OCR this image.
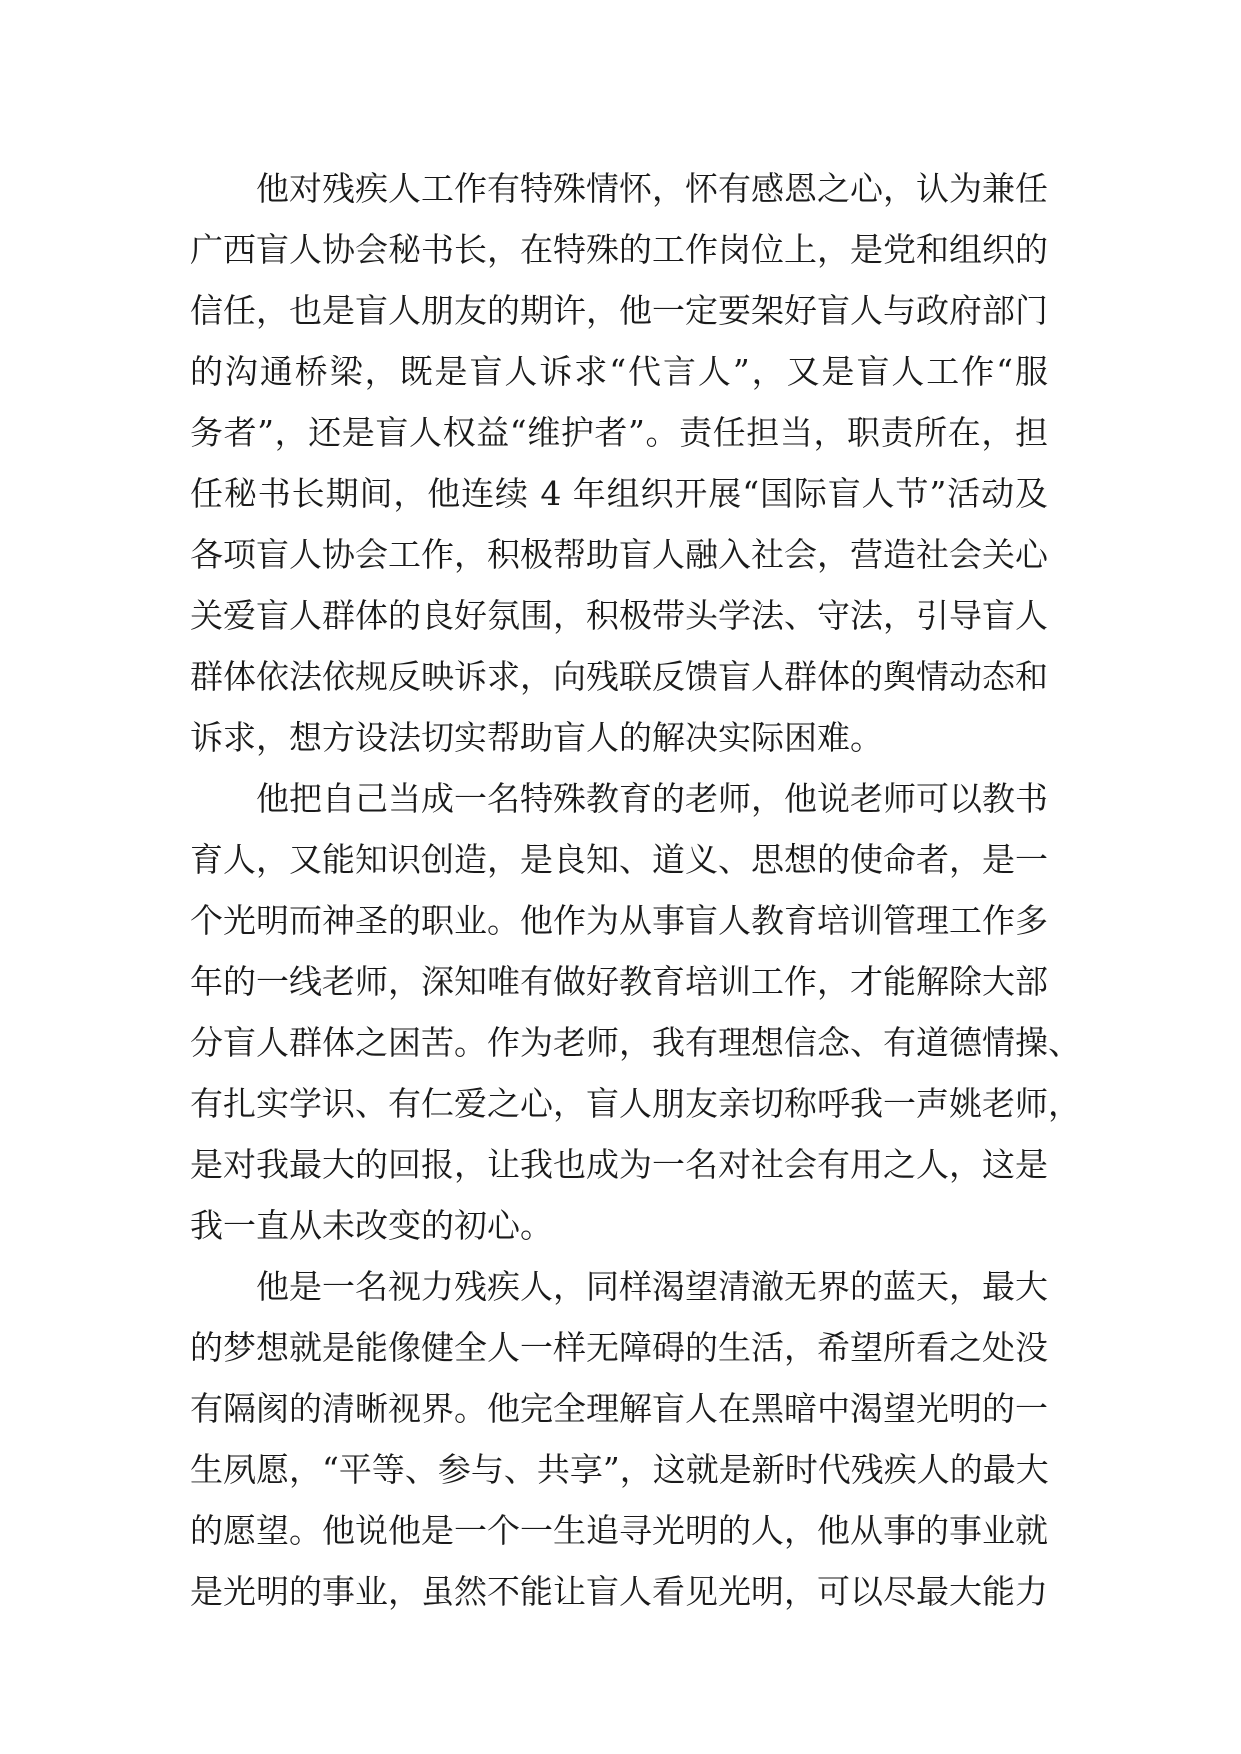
他对残疾人工作有特殊情怀，怀有感恩之心，认为兼任
广西盲人协会秘书长，在特殊的工作岗位上，是党和组织的
信任，也是盲人朋友的期许，他一定要架好盲人与政府部门
的沟通桥梁，既是盲人诉求“代言人”，又是盲人工作“服
务者”，还是盲人权益“维护者”。责任担当，职责所在，担
任秘书长期间，他连续 4 年组织开展“国际盲人节”活动及
各项盲人协会工作，积极帮助盲人融入社会，营造社会关心
关爱盲人群体的良好氛围，积极带头学法、守法，引导盲人
群体依法依规反映诉求，向残联反馈盲人群体的舆情动态和
诉求，想方设法切实帮助盲人的解决实际困难。
他把自己当成一名特殊教育的老师，他说老师可以教书
育人，又能知识创造，是良知、道义、思想的使命者，是一
个光明而神圣的职业。他作为从事盲人教育培训管理工作多
年的一线老师，深知唯有做好教育培训工作，才能解除大部
分盲人群体之困苦。作为老师，我有理想信念、有道德情操、
有扎实学识、有仁爱之心，盲人朋友亲切称呼我一声姚老师，
是对我最大的回报，让我也成为一名对社会有用之人，这是
我一直从未改变的初心。
他是一名视力残疾人，同样渴望清澈无界的蓝天，最大
的梦想就是能像健全人一样无障碍的生活，希望所看之处没
有隔阂的清晰视界。他完全理解盲人在黑暗中渴望光明的一
生夙愿，“平等、参与、共享”，这就是新时代残疾人的最大
的愿望。他说他是一个一生追寻光明的人，他从事的事业就
是光明的事业，虽然不能让盲人看见光明，可以尽最大能力
